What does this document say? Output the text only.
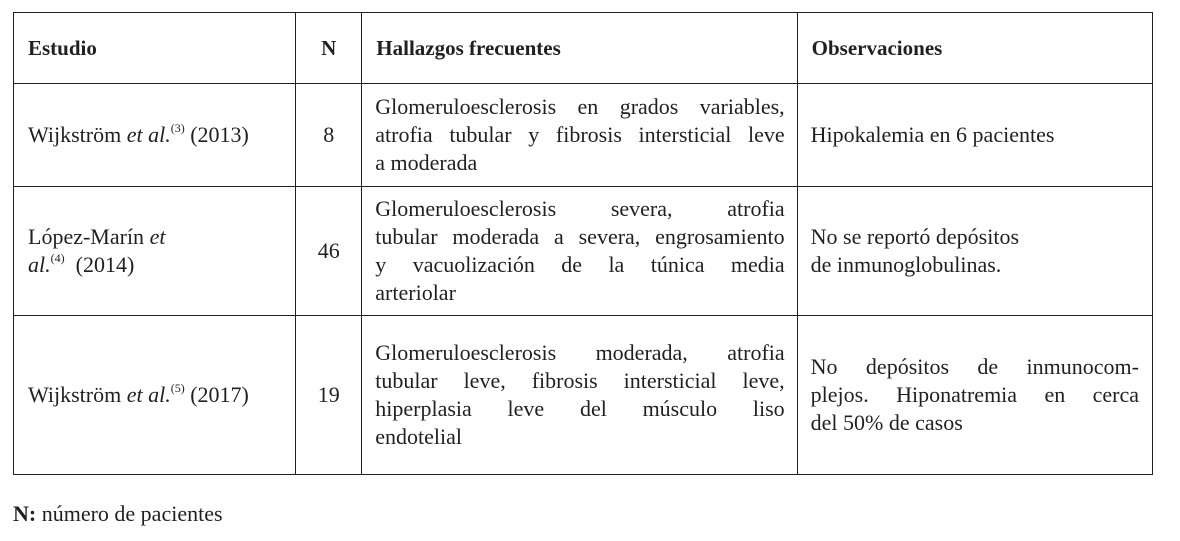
Estudio	N	Hallazgos frecuentes	Observaciones
Wijkström et al.$^{(3)}$ (2013)	8	Glomeruloesclerosis en grados variables,
atrofia tubular y fibrosis intersticial leve
a moderada	Hipokalemia en 6 pacientes

López-Marín et
al.$^{(4)}$ (2014)	46	Glomeruloesclerosis severa, atrofia
tubular moderada a severa, engrosamiento
y vacuolización de la túnica media
arteriolar	No se reportó depósitos
de inmunoglobulinas.

Wijkström et al.$^{(5)}$ (2017)	19	Glomeruloesclerosis moderada, atrofia
tubular leve, fibrosis intersticial leve,
hiperplasia leve del músculo liso
endotelial	No depósitos de inmunocom-
plejos. Hiponatremia en cerca
del 50% de casos
N: número de pacientes
